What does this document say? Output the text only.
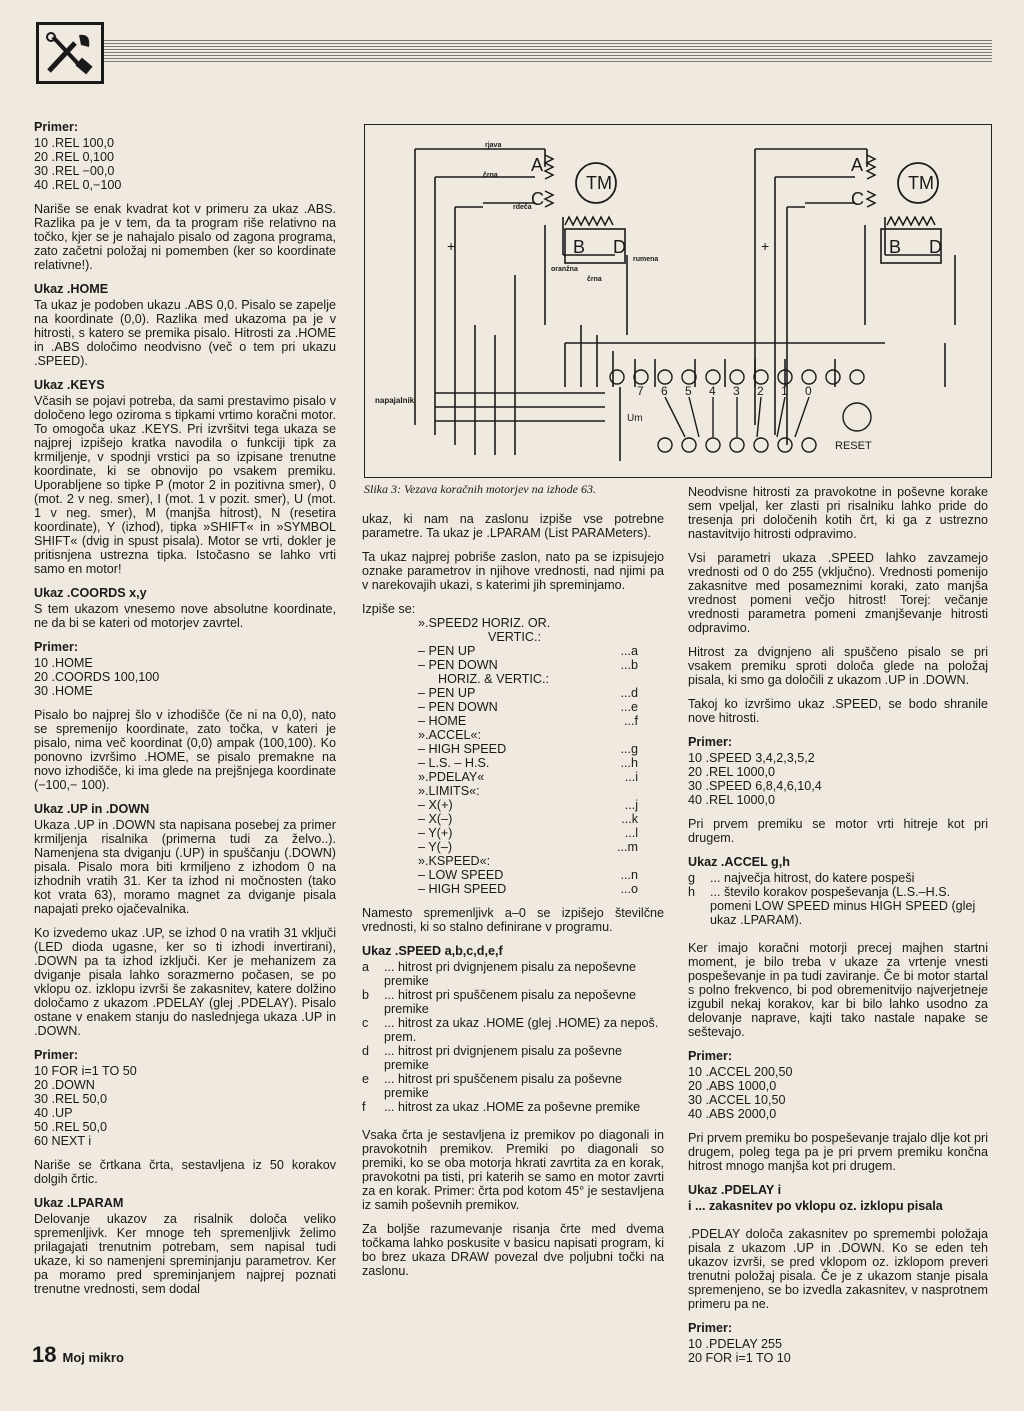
Primer:
10 .REL 100,0
20 .REL 0,100
30 .REL −00,0
40 .REL 0,−100

Nariše se enak kvadrat kot v primeru za ukaz .ABS. Razlika pa je v tem, da ta program riše relativno na točko, kjer se je nahajalo pisalo od zagona programa, zato začetni položaj ni pomemben (ker so koordinate relativne!).

Ukaz .HOME

Ta ukaz je podoben ukazu .ABS 0,0. Pisalo se zapelje na koordinate (0,0). Razlika med ukazoma pa je v hitrosti, s katero se premika pisalo. Hitrosti za .HOME in .ABS določimo neodvisno (več o tem pri ukazu .SPEED).

Ukaz .KEYS

Včasih se pojavi potreba, da sami prestavimo pisalo v določeno lego oziroma s tipkami vrtimo koračni motor. To omogoča ukaz .KEYS. Pri izvršitvi tega ukaza se najprej izpišejo kratka navodila o funkciji tipk za krmiljenje, v spodnji vrstici pa so izpisane trenutne koordinate, ki se obnovijo po vsakem premiku. Uporabljene so tipke P (motor 2 in pozitivna smer), 0 (mot. 2 v neg. smer), I (mot. 1 v pozit. smer), U (mot. 1 v neg. smer), M (manjša hitrost), N (resetira koordinate), Y (izhod), tipka »SHIFT« in »SYMBOL SHIFT« (dvig in spust pisala). Motor se vrti, dokler je pritisnjena ustrezna tipka. Istočasno se lahko vrti samo en motor!

Ukaz .COORDS x,y

S tem ukazom vnesemo nove absolutne koordinate, ne da bi se kateri od motorjev zavrtel.

Primer:
10 .HOME
20 .COORDS 100,100
30 .HOME

Pisalo bo najprej šlo v izhodišče (če ni na 0,0), nato se spremenijo koordinate, zato točka, v kateri je pisalo, nima več koordinat (0,0) ampak (100,100). Ko ponovno izvršimo .HOME, se pisalo premakne na novo izhodišče, ki ima glede na prejšnjega koordinate (−100,− 100).

Ukaz .UP in .DOWN

Ukaza .UP in .DOWN sta napisana posebej za primer krmiljenja risalnika (primerna tudi za želvo..). Namenjena sta dviganju (.UP) in spuščanju (.DOWN) pisala. Pisalo mora biti krmiljeno z izhodom 0 na izhodnih vratih 31. Ker ta izhod ni močnosten (tako kot vrata 63), moramo magnet za dviganje pisala napajati preko ojačevalnika.

Ko izvedemo ukaz .UP, se izhod 0 na vratih 31 vključi (LED dioda ugasne, ker so ti izhodi invertirani), .DOWN pa ta izhod izključi. Ker je mehanizem za dviganje pisala lahko sorazmerno počasen, se po vklopu oz. izklopu izvrši še zakasnitev, katere dolžino določamo z ukazom .PDELAY (glej .PDELAY). Pisalo ostane v enakem stanju do naslednjega ukaza .UP in .DOWN.

Primer:
10 FOR i=1 TO 50
20 .DOWN
30 .REL 50,0
40 .UP
50 .REL 50,0
60 NEXT i

Nariše se črtkana črta, sestavljena iz 50 korakov dolgih črtic.

Ukaz .LPARAM

Delovanje ukazov za risalnik določa veliko spremenljivk. Ker mnoge teh spremenljivk želimo prilagajati trenutnim potrebam, sem napisal tudi ukaze, ki so namenjeni spreminjanju parametrov. Ker pa moramo pred spreminjanjem najprej poznati trenutne vrednosti, sem dodal

TM	TM
A
C
B D
A
C
B D
rjava
črna
rdeča
rumena
oranžna
črna
+	+
napajalnik
Um
7 6 5 4 3 2 1 0
RESET
Slika 3: Vezava koračnih motorjev na izhode 63.

ukaz, ki nam na zaslonu izpiše vse potrebne parametre. Ta ukaz je .LPARAM (List PARAMeters).

Ta ukaz najprej pobriše zaslon, nato pa se izpisujejo oznake parametrov in njihove vrednosti, nad njimi pa v narekovajih ukazi, s katerimi jih spreminjamo.

Izpiše se:
».SPEED2 HORIZ. OR.
VERTIC.:
– PEN UP	...a
– PEN DOWN	...b
HORIZ. & VERTIC.:
– PEN UP	...d
– PEN DOWN	...e
– HOME	...f
».ACCEL«:
– HIGH SPEED	...g
– L.S. – H.S.	...h
».PDELAY«	...i
».LIMITS«:
– X(+)	...j
– X(–)	...k
– Y(+)	...l
– Y(–)	...m
».KSPEED«:
– LOW SPEED	...n
– HIGH SPEED	...o

Namesto spremenljivk a–0 se izpišejo številčne vrednosti, ki so stalno definirane v programu.

Ukaz .SPEED a,b,c,d,e,f
a	... hitrost pri dvignjenem pisalu za nepoševne premike
b	... hitrost pri spuščenem pisalu za nepoševne premike
c	... hitrost za ukaz .HOME (glej .HOME) za nepoš. prem.
d	... hitrost pri dvignjenem pisalu za poševne premike
e	... hitrost pri spuščenem pisalu za poševne premike
f	... hitrost za ukaz .HOME za poševne premike

Vsaka črta je sestavljena iz premikov po diagonali in pravokotnih premikov. Premiki po diagonali so premiki, ko se oba motorja hkrati zavrtita za en korak, pravokotni pa tisti, pri katerih se samo en motor zavrti za en korak. Primer: črta pod kotom 45° je sestavljena iz samih poševnih premikov.

Za boljše razumevanje risanja črte med dvema točkama lahko poskusite v basicu napisati program, ki bo brez ukaza DRAW povezal dve poljubni točki na zaslonu.

Neodvisne hitrosti za pravokotne in poševne korake sem vpeljal, ker zlasti pri risalniku lahko pride do tresenja pri določenih kotih črt, ki ga z ustrezno nastavitvijo hitrosti odpravimo.

Vsi parametri ukaza .SPEED lahko zavzamejo vrednosti od 0 do 255 (vključno). Vrednosti pomenijo zakasnitve med posameznimi koraki, zato manjša vrednost pomeni večjo hitrost! Torej: večanje vrednosti parametra pomeni zmanjševanje hitrosti odpravimo.

Hitrost za dvignjeno ali spuščeno pisalo se pri vsakem premiku sproti določa glede na položaj pisala, ki smo ga določili z ukazom .UP in .DOWN.

Takoj ko izvršimo ukaz .SPEED, se bodo shranile nove hitrosti.

Primer:
10 .SPEED 3,4,2,3,5,2
20 .REL 1000,0
30 .SPEED 6,8,4,6,10,4
40 .REL 1000,0

Pri prvem premiku se motor vrti hitreje kot pri drugem.

Ukaz .ACCEL g,h
g	... največja hitrost, do katere pospeši
h	... število korakov pospeševanja (L.S.–H.S. pomeni LOW SPEED minus HIGH SPEED (glej ukaz .LPARAM).

Ker imajo koračni motorji precej majhen startni moment, je bilo treba v ukaze za vrtenje vnesti pospeševanje in pa tudi zaviranje. Če bi motor startal s polno frekvenco, bi pod obremenitvijo najverjetneje izgubil nekaj korakov, kar bi bilo lahko usodno za delovanje naprave, kajti tako nastale napake se seštevajo.

Primer:
10 .ACCEL 200,50
20 .ABS 1000,0
30 .ACCEL 10,50
40 .ABS 2000,0

Pri prvem premiku bo pospeševanje trajalo dlje kot pri drugem, poleg tega pa je pri prvem premiku končna hitrost mnogo manjša kot pri drugem.

Ukaz .PDELAY i

i ... zakasnitev po vklopu oz. izklopu pisala

.PDELAY določa zakasnitev po spremembi položaja pisala z ukazom .UP in .DOWN. Ko se eden teh ukazov izvrši, se pred vklopom oz. izklopom preveri trenutni položaj pisala. Če je z ukazom stanje pisala spremenjeno, se bo izvedla zakasnitev, v nasprotnem primeru pa ne.

Primer:
10 .PDELAY 255
20 FOR i=1 TO 10
18 Moj mikro
